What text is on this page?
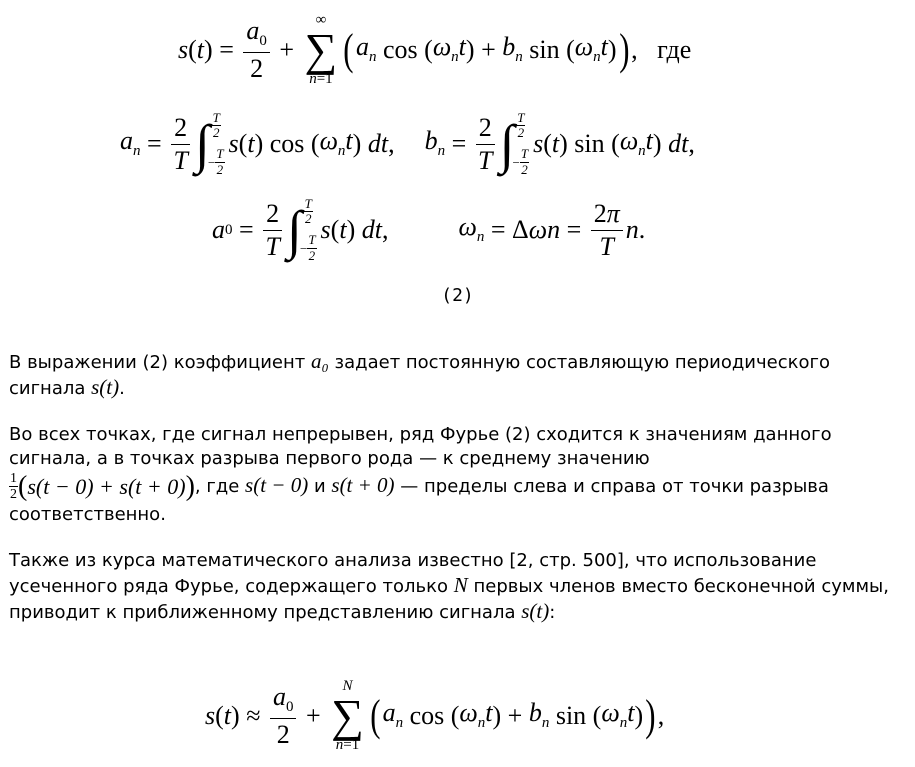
s ( t ) = $\frac{a_0}{2}$ +
∞
∑
n=1
( $a_n$ cos ( $\omega_nt$ ) + $b_n$ sin ( $\omega_nt$ ) ) , где
$a_n = \frac{2}{T}$ ∫ T
2
−
T
2
s ( t ) cos ( $\omega_nt$ ) dt , $b_n = \frac{2}{T}$ ∫ T
2
−
T
2
s ( t ) sin ( $\omega_nt$ ) dt ,
a $0 = \frac{2}{T}$ ∫ T
2
−
T
2
s ( t ) dt ,	$\omega_n = \Delta$ $\omega n = \frac{2\pi}{T}$ n .
(2)
В выражении (2) коэффициент a₀ задает постоянную составляющую периодического сигнала s(t).
Во всех точках, где сигнал непрерывен, ряд Фурье (2) сходится к значениям данного сигнала, а в точках разрыва первого рода — к среднему значению

1
2 ( s ( t − 0) + s ( t + 0) ) , где s(t − 0) и s(t + 0) — пределы слева и справа от точки разрыва соответственно.
Также из курса математического анализа известно [2, стр. 500], что использование усеченного ряда Фурье, содержащего только N первых членов вместо бесконечной суммы, приводит к приближенному представлению сигнала s(t):
s ( t ) ≈ $\frac{a_0}{2}$ +
N
∑
n=1
( $a_n$ cos ( $\omega_nt$ ) + $b_n$ sin ( $\omega_nt$ ) ) ,
